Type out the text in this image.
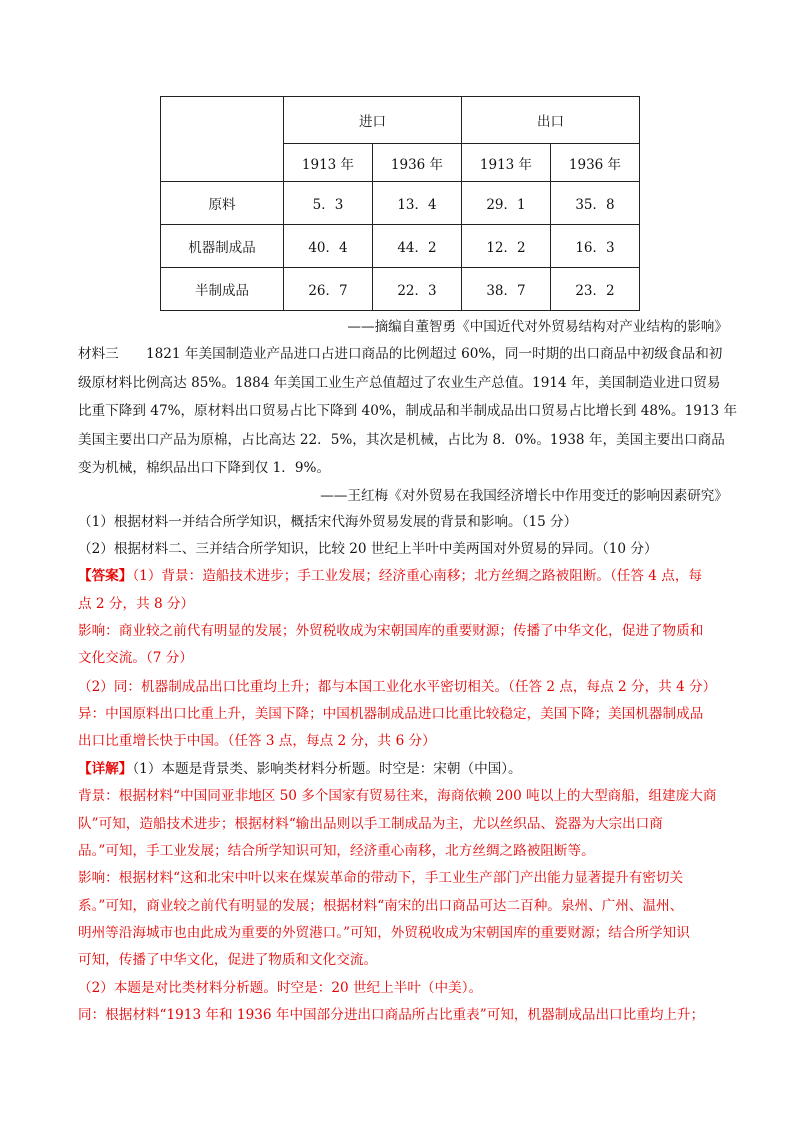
	进口		出口	
	1913 年	1936 年	1913 年	1936 年
原料	5．3	13．4	29．1	35．8
机器制成品	40．4	44．2	12．2	16．3
半制成品	26．7	22．3	38．7	23．2
——摘编自董智勇《中国近代对外贸易结构对产业结构的影响》
材料三　　1821 年美国制造业产品进口占进口商品的比例超过 60%，同一时期的出口商品中初级食品和初
级原材料比例高达 85%。1884 年美国工业生产总值超过了农业生产总值。1914 年，美国制造业进口贸易
比重下降到 47%，原材料出口贸易占比下降到 40%，制成品和半制成品出口贸易占比增长到 48%。1913 年
美国主要出口产品为原棉，占比高达 22．5%，其次是机械，占比为 8．0%。1938 年，美国主要出口商品
变为机械，棉织品出口下降到仅 1．9%。
——王红梅《对外贸易在我国经济增长中作用变迁的影响因素研究》
（1）根据材料一并结合所学知识，概括宋代海外贸易发展的背景和影响。（15 分）
（2）根据材料二、三并结合所学知识，比较 20 世纪上半叶中美两国对外贸易的异同。（10 分）
【答案】（1）背景：造船技术进步；手工业发展；经济重心南移；北方丝绸之路被阻断。（任答 4 点，每
点 2 分，共 8 分）
影响：商业较之前代有明显的发展；外贸税收成为宋朝国库的重要财源；传播了中华文化，促进了物质和
文化交流。（7 分）
（2）同：机器制成品出口比重均上升；都与本国工业化水平密切相关。（任答 2 点，每点 2 分，共 4 分）
异：中国原料出口比重上升，美国下降；中国机器制成品进口比重比较稳定，美国下降；美国机器制成品
出口比重增长快于中国。（任答 3 点，每点 2 分，共 6 分）
【详解】（1）本题是背景类、影响类材料分析题。时空是：宋朝（中国）。
背景：根据材料“中国同亚非地区 50 多个国家有贸易往来，海商依赖 200 吨以上的大型商船，组建庞大商
队”可知，造船技术进步；根据材料“输出品则以手工制成品为主，尤以丝织品、瓷器为大宗出口商
品。”可知，手工业发展；结合所学知识可知，经济重心南移，北方丝绸之路被阻断等。
影响：根据材料“这和北宋中叶以来在煤炭革命的带动下，手工业生产部门产出能力显著提升有密切关
系。”可知，商业较之前代有明显的发展；根据材料“南宋的出口商品可达二百种。泉州、广州、温州、
明州等沿海城市也由此成为重要的外贸港口。”可知，外贸税收成为宋朝国库的重要财源；结合所学知识
可知，传播了中华文化，促进了物质和文化交流。
（2）本题是对比类材料分析题。时空是：20 世纪上半叶（中美）。
同：根据材料“1913 年和 1936 年中国部分进出口商品所占比重表”可知，机器制成品出口比重均上升；
